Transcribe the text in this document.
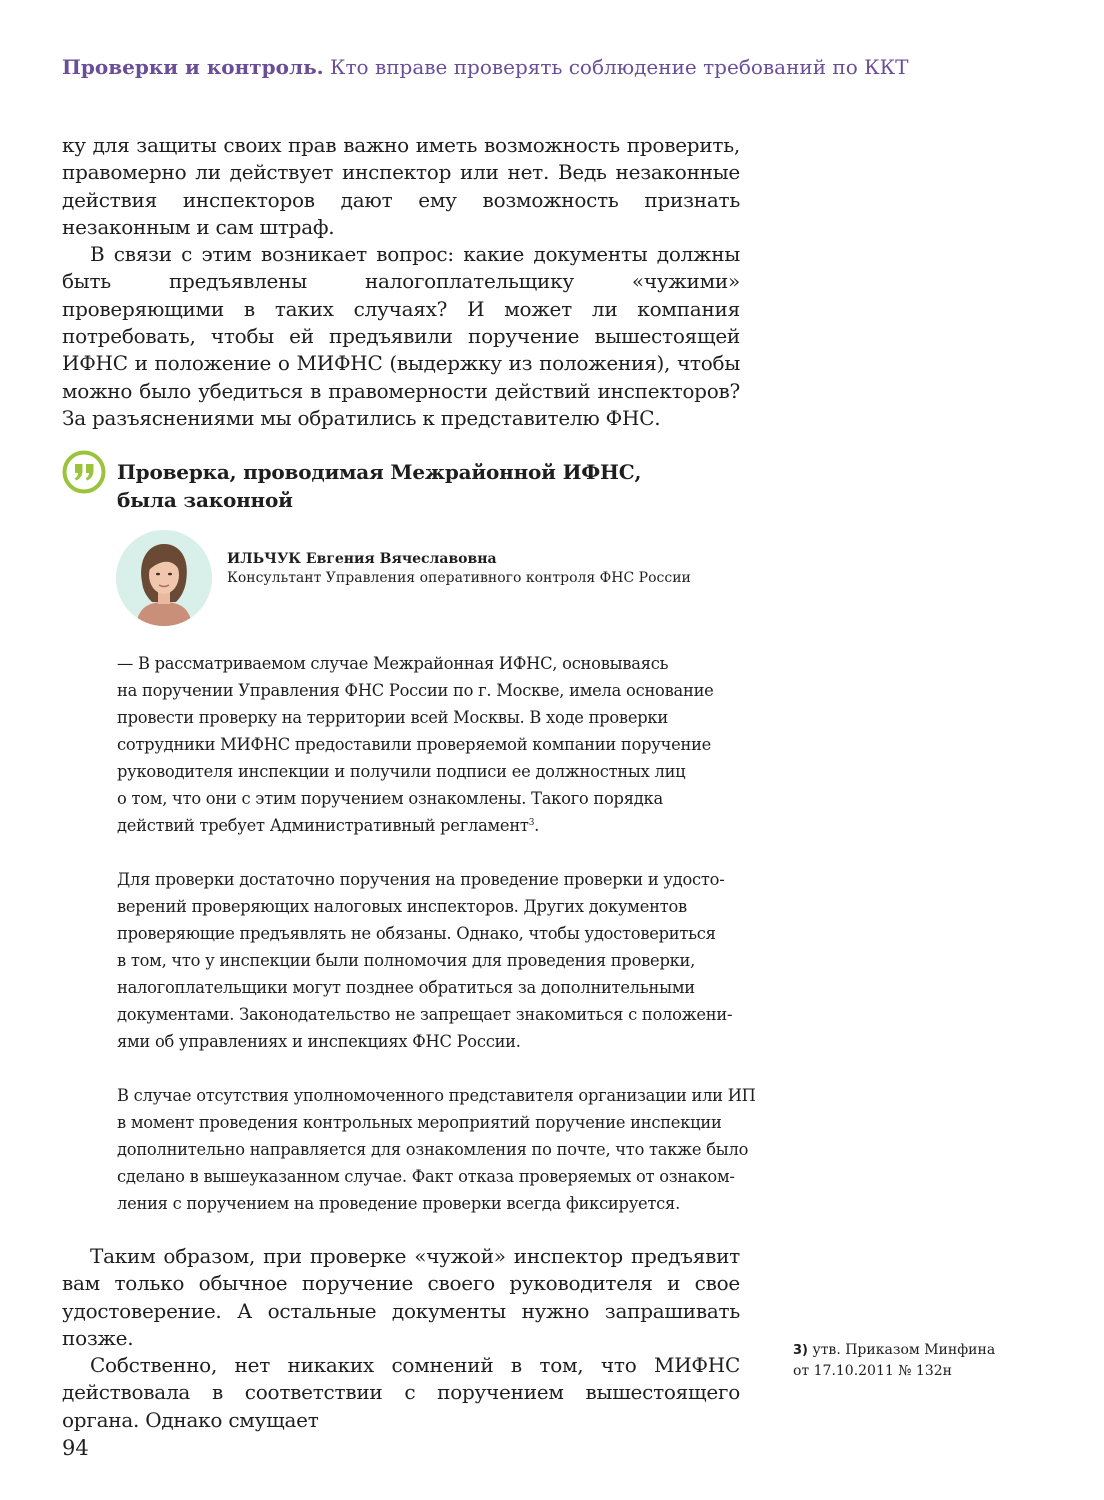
Проверки и контроль. Кто вправе проверять соблюдение требований по ККТ

ку для защиты своих прав важно иметь возможность проверить, правомерно ли действует инспектор или нет. Ведь незаконные действия инспекторов дают ему возможность признать незаконным и сам штраф.

В связи с этим возникает вопрос: какие документы должны быть предъявлены налогоплательщику «чужими» проверяющими в таких случаях? И может ли компания потребовать, чтобы ей предъявили поручение вышестоящей ИФНС и положение о МИФНС (выдержку из положения), чтобы можно было убедиться в правомерности действий инспекторов? За разъяснениями мы обратились к представителю ФНС.

Проверка, проводимая Межрайонной ИФНС,
была законной
ИЛЬЧУК Евгения Вячеславовна
Консультант Управления оперативного контроля ФНС России

— В рассматриваемом случае Межрайонная ИФНС, основываясь
на поручении Управления ФНС России по г. Москве, имела основание
провести проверку на территории всей Москвы. В ходе проверки
сотрудники МИФНС предоставили проверяемой компании поручение
руководителя инспекции и получили подписи ее должностных лиц
о том, что они с этим поручением ознакомлены. Такого порядка
действий требует Административный регламент$^3$.

Для проверки достаточно поручения на проведение проверки и удосто-
верений проверяющих налоговых инспекторов. Других документов
проверяющие предъявлять не обязаны. Однако, чтобы удостовериться
в том, что у инспекции были полномочия для проведения проверки,
налогоплательщики могут позднее обратиться за дополнительными
документами. Законодательство не запрещает знакомиться с положени-
ями об управлениях и инспекциях ФНС России.

В случае отсутствия уполномоченного представителя организации или ИП
в момент проведения контрольных мероприятий поручение инспекции
дополнительно направляется для ознакомления по почте, что также было
сделано в вышеуказанном случае. Факт отказа проверяемых от ознаком-
ления с поручением на проведение проверки всегда фиксируется.

Таким образом, при проверке «чужой» инспектор предъявит вам только обычное поручение своего руководителя и свое удостоверение. А остальные документы нужно запрашивать позже.

Собственно, нет никаких сомнений в том, что МИФНС действовала в соответствии с поручением вышестоящего органа. Однако смущает

3) утв. Приказом Минфина
от 17.10.2011 № 132н
94
